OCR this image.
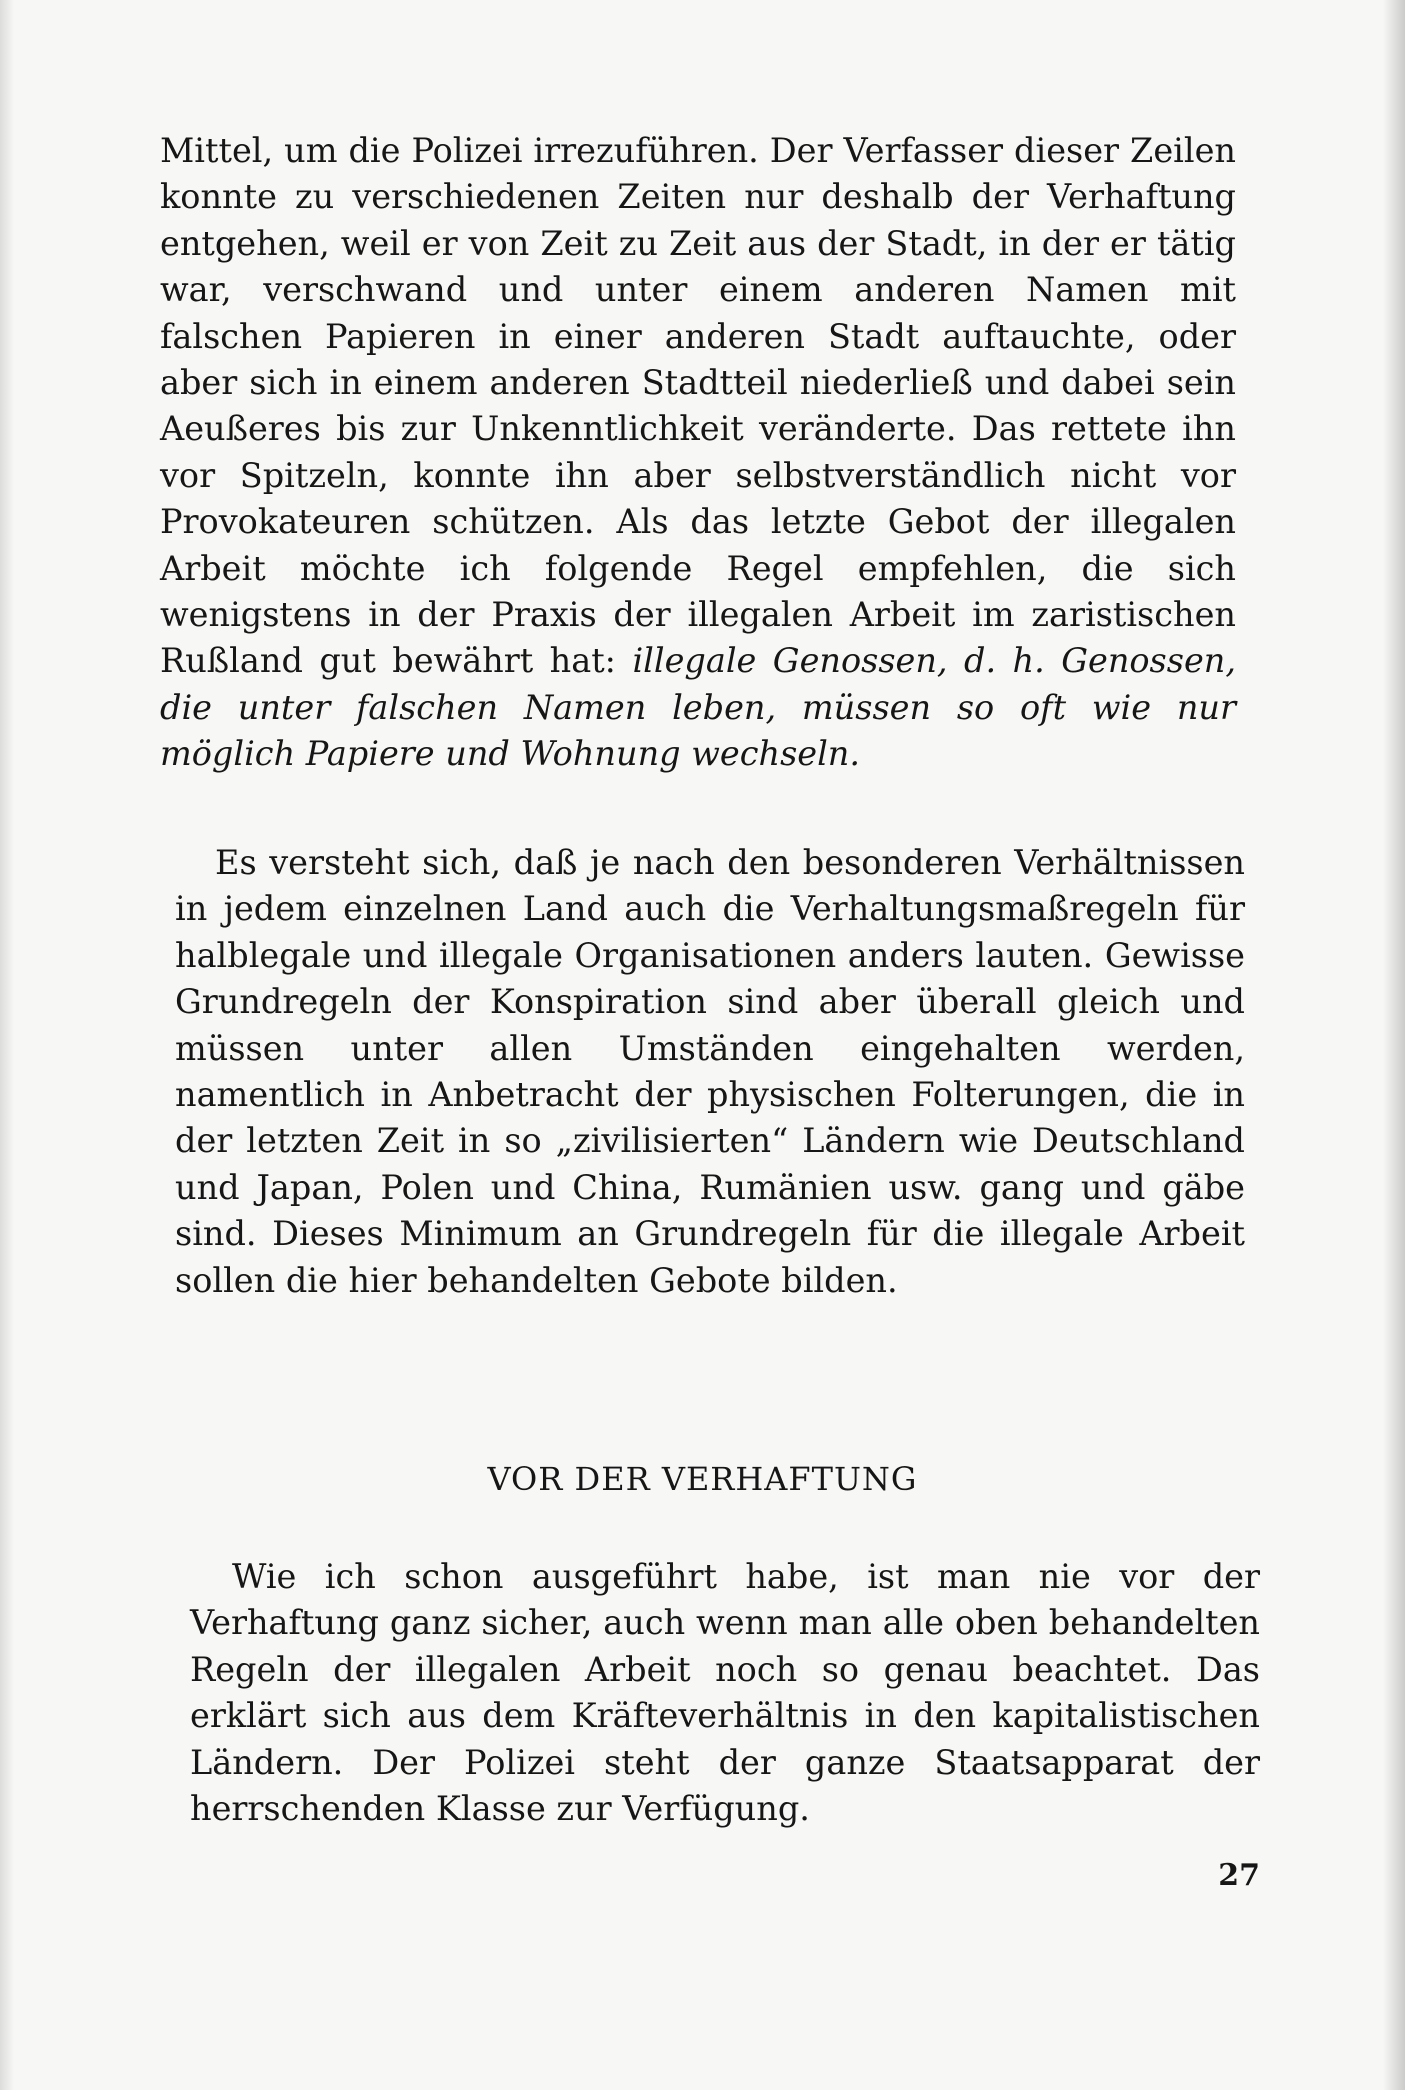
Mittel, um die Polizei irrezuführen. Der Verfasser dieser Zeilen konnte zu verschiedenen Zeiten nur deshalb der Verhaftung entgehen, weil er von Zeit zu Zeit aus der Stadt, in der er tätig war, verschwand und unter einem anderen Namen mit falschen Papieren in einer anderen Stadt auftauchte, oder aber sich in einem anderen Stadtteil niederließ und dabei sein Aeußeres bis zur Unkenntlichkeit veränderte. Das rettete ihn vor Spitzeln, konnte ihn aber selbstverständlich nicht vor Provokateuren schützen. Als das letzte Gebot der illegalen Arbeit möchte ich folgende Regel empfehlen, die sich wenigstens in der Praxis der illegalen Arbeit im zaristischen Rußland gut bewährt hat: illegale Genossen, d. h. Genossen, die unter falschen Namen leben, müssen so oft wie nur möglich Papiere und Wohnung wechseln.

Es versteht sich, daß je nach den besonderen Verhältnissen in jedem einzelnen Land auch die Verhaltungsmaßregeln für halblegale und illegale Organisationen anders lauten. Gewisse Grundregeln der Konspiration sind aber überall gleich und müssen unter allen Umständen eingehalten werden, namentlich in Anbetracht der physischen Folterungen, die in der letzten Zeit in so „zivilisierten“ Ländern wie Deutschland und Japan, Polen und China, Rumänien usw. gang und gäbe sind. Dieses Minimum an Grundregeln für die illegale Arbeit sollen die hier behandelten Gebote bilden.

VOR DER VERHAFTUNG

Wie ich schon ausgeführt habe, ist man nie vor der Verhaftung ganz sicher, auch wenn man alle oben behandelten Regeln der illegalen Arbeit noch so genau beachtet. Das erklärt sich aus dem Kräfteverhältnis in den kapitalistischen Ländern. Der Polizei steht der ganze Staatsapparat der herrschenden Klasse zur Verfügung.

27
